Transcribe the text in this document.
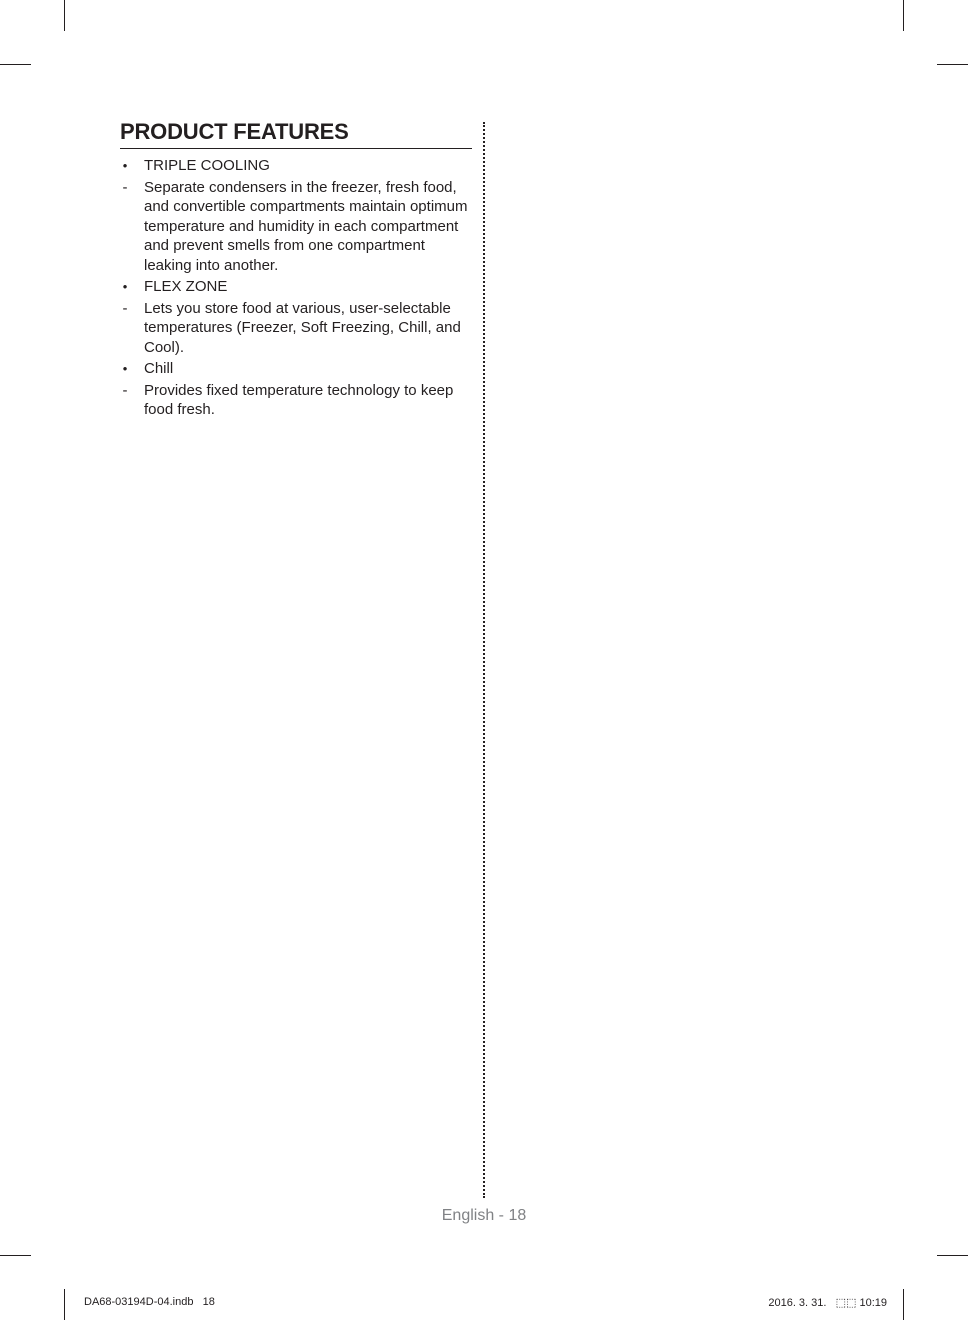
PRODUCT FEATURES
• TRIPLE COOLING
- Separate condensers in the freezer, fresh food, and convertible compartments maintain optimum temperature and humidity in each compartment and prevent smells from one compartment leaking into another.
• FLEX ZONE
- Lets you store food at various, user-selectable temperatures (Freezer, Soft Freezing, Chill, and Cool).
• Chill
- Provides fixed temperature technology to keep food fresh.
English - 18
DA68-03194D-04.indb   18	2016. 3. 31.   ⬚⬚ 10:19
